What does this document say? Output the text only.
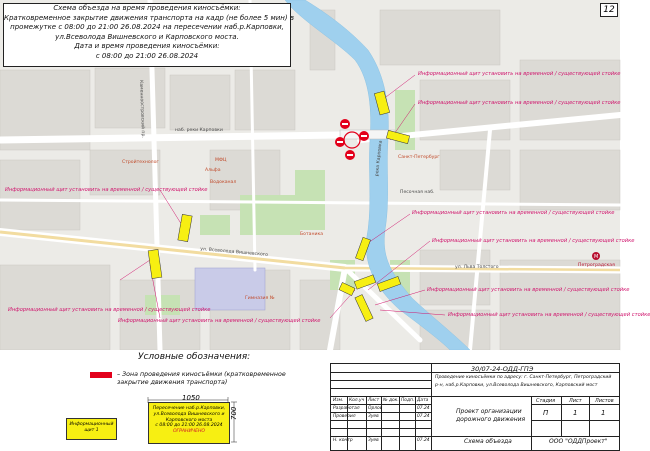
M
Схема объезда на время проведения киносъёмки:
Кратковременное закрытие движения транспорта на кадр (не более 5 мин) в
промежутке с 08:00 до 21:00 26.08.2024 на пересечении наб.р.Карповки,
ул.Всеволода Вишневского и Карповского моста.
Дата и время проведения киносъёмки:
с 08:00 до 21:00 26.08.2024
12
Информационный щит установить на временной / существующей стойке
Информационный щит установить на временной / существующей стойке
Информационный щит установить на временной / существующей стойке
Информационный щит установить на временной / существующей стойке
Информационный щит установить на временной / существующей стойке
Информационный щит установить на временной / существующей стойке
Информационный щит установить на временной / существующей стойке
Информационный щит установить на временной / существующей стойке
Информационный щит установить на временной / существующей стойке
наб. реки Карповки
река Карповка
ул. Всеволода Вишневского
ул. Льва Толстого
Каменноостровский пр.
Песочная наб.
Альфа
Водоканал
МФЦ
Санкт-Петербург
Ботаника
Гимназия №
Стройтехнолог
Петроградская
Условные обозначения:
– Зона проведения киносъёмки (кратковременное
закрытие движения транспорта)
Информационный
щит 1
1050
700
Пересечение наб.р.Карповки,
ул.Всеволода Вишневского и
Карповского моста
с 08:00 до 21:00 26.08.2024
ОГРАНИЧЕНО
30/07-24-ОДД-ГПЭ
Проведение киносъёмки по адресу: г. Санкт-Петербург, Петроградский
р-н, наб.р.Карповки, ул.Всеволода Вишневского, Карповский мост
Изм. Кол.уч Лист № док. Подп. Дата
Разработал Орлов	07.24
Проверил	Зуев	07.24
Н. контр	Зуев	07.24
Проект организации
дорожного движения
Стадия	Лист	Листов
П	1	1
Схема объезда	ООО "ОДДПроект"
